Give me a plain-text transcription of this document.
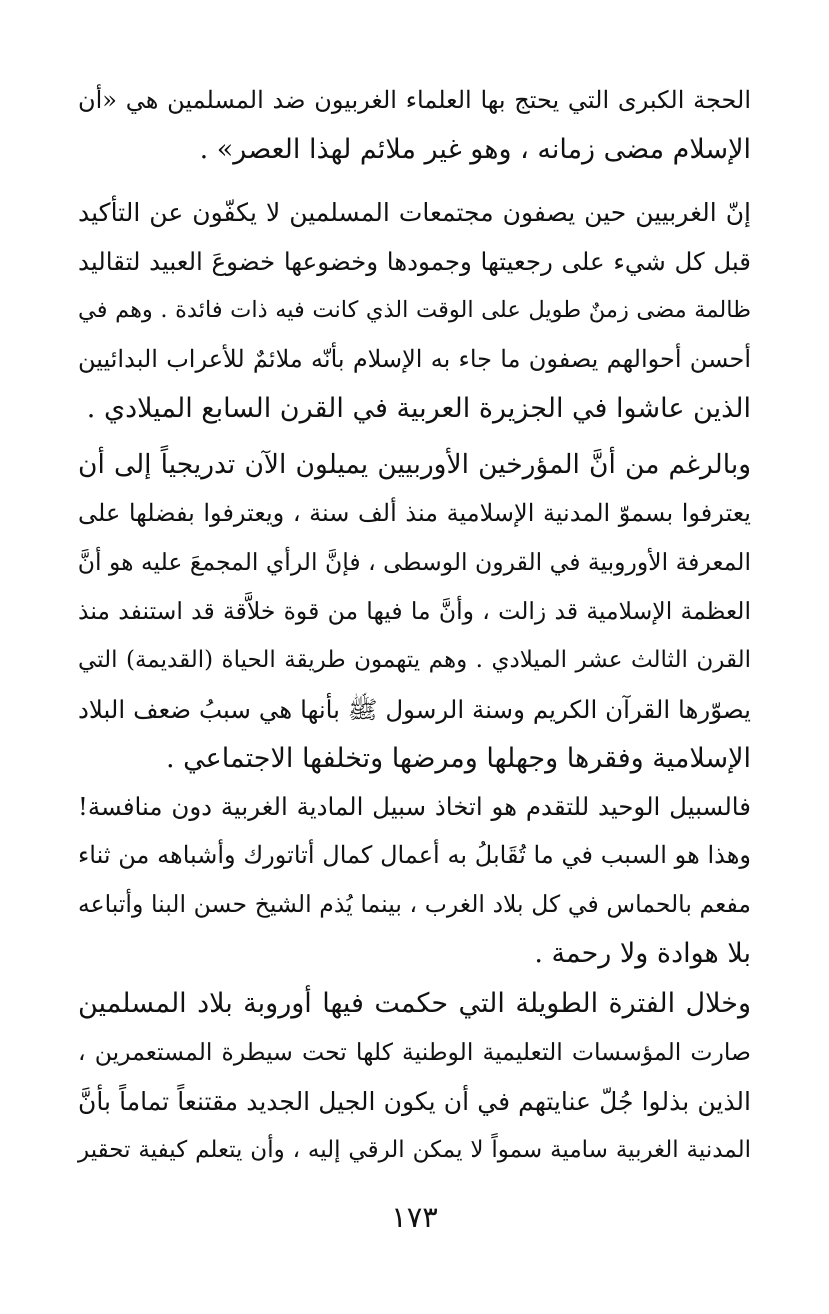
الحجة الكبرى التي يحتج بها العلماء الغربيون ضد المسلمين هي «أن
الإسلام مضى زمانه ، وهو غير ملائم لهذا العصر» .
إنّ الغربيين حين يصفون مجتمعات المسلمين لا يكفّون عن التأكيد
قبل كل شيء على رجعيتها وجمودها وخضوعها خضوعَ العبيد لتقاليد
ظالمة مضى زمنٌ طويل على الوقت الذي كانت فيه ذات فائدة . وهم في
أحسن أحوالهم يصفون ما جاء به الإسلام بأنّه ملائمٌ للأعراب البدائيين
الذين عاشوا في الجزيرة العربية في القرن السابع الميلادي .
وبالرغم من أنَّ المؤرخين الأوربيين يميلون الآن تدريجياً إلى أن
يعترفوا بسموّ المدنية الإسلامية منذ ألف سنة ، ويعترفوا بفضلها على
المعرفة الأوروبية في القرون الوسطى ، فإنَّ الرأي المجمعَ عليه هو أنَّ
العظمة الإسلامية قد زالت ، وأنَّ ما فيها من قوة خلاَّقة قد استنفد منذ
القرن الثالث عشر الميلادي . وهم يتهمون طريقة الحياة (القديمة) التي
يصوّرها القرآن الكريم وسنة الرسول ﷺ بأنها هي سببُ ضعف البلاد
الإسلامية وفقرها وجهلها ومرضها وتخلفها الاجتماعي .
فالسبيل الوحيد للتقدم هو اتخاذ سبيل المادية الغربية دون منافسة!
وهذا هو السبب في ما تُقَابلُ به أعمال كمال أتاتورك وأشباهه من ثناء
مفعم بالحماس في كل بلاد الغرب ، بينما يُذم الشيخ حسن البنا وأتباعه
بلا هوادة ولا رحمة .
وخلال الفترة الطويلة التي حكمت فيها أوروبة بلاد المسلمين
صارت المؤسسات التعليمية الوطنية كلها تحت سيطرة المستعمرين ،
الذين بذلوا جُلّ عنايتهم في أن يكون الجيل الجديد مقتنعاً تماماً بأنَّ
المدنية الغربية سامية سمواً لا يمكن الرقي إليه ، وأن يتعلم كيفية تحقير
١٧٣
